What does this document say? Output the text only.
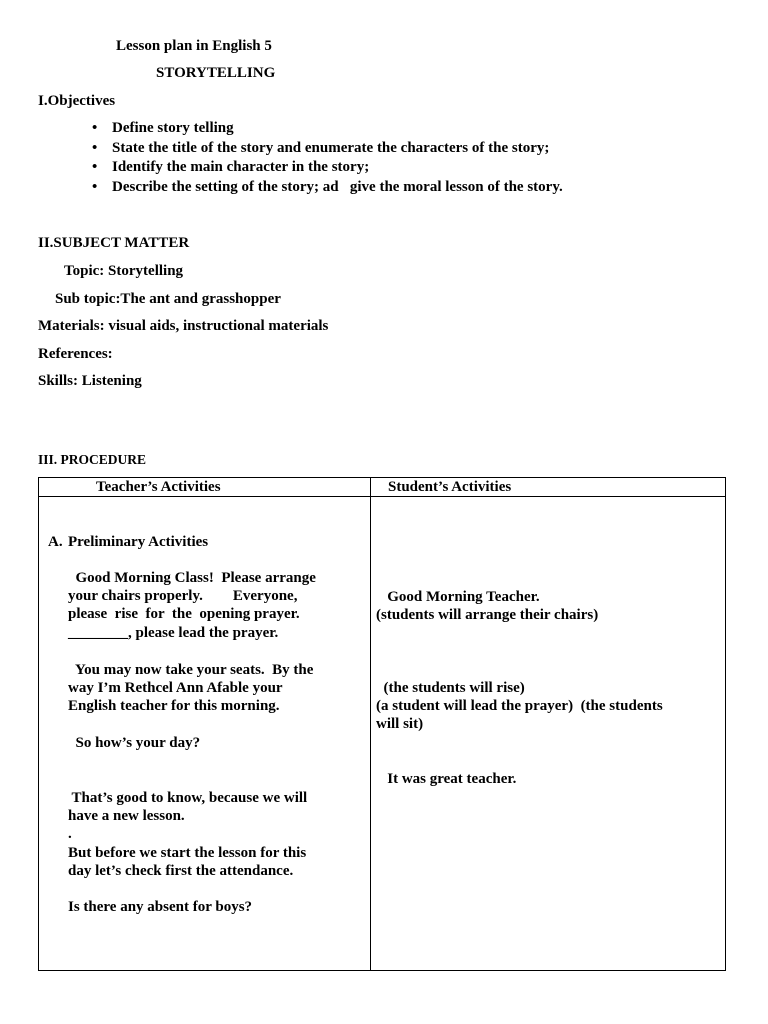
Lesson plan in English 5
STORYTELLING
I.Objectives
• Define story telling
• State the title of the story and enumerate the characters of the story;
• Identify the main character in the story;
• Describe the setting of the story; ad   give the moral lesson of the story.
II.SUBJECT MATTER
Topic: Storytelling
Sub topic:The ant and grasshopper
Materials: visual aids, instructional materials
References:
Skills: Listening
III. PROCEDURE
Teacher’s Activities	Student’s Activities
A. Preliminary Activities
Good Morning Class!  Please arrange
your chairs properly.        Everyone,
please  rise  for  the  opening prayer.
________, please lead the prayer.
You may now take your seats.  By the
way I’m Rethcel Ann Afable your
English teacher for this morning.
So how’s your day?
That’s good to know, because we will
have a new lesson.
.
But before we start the lesson for this
day let’s check first the attendance.
Is there any absent for boys?
Good Morning Teacher.
(students will arrange their chairs)
(the students will rise)
(a student will lead the prayer)  (the students
will sit)
It was great teacher.
